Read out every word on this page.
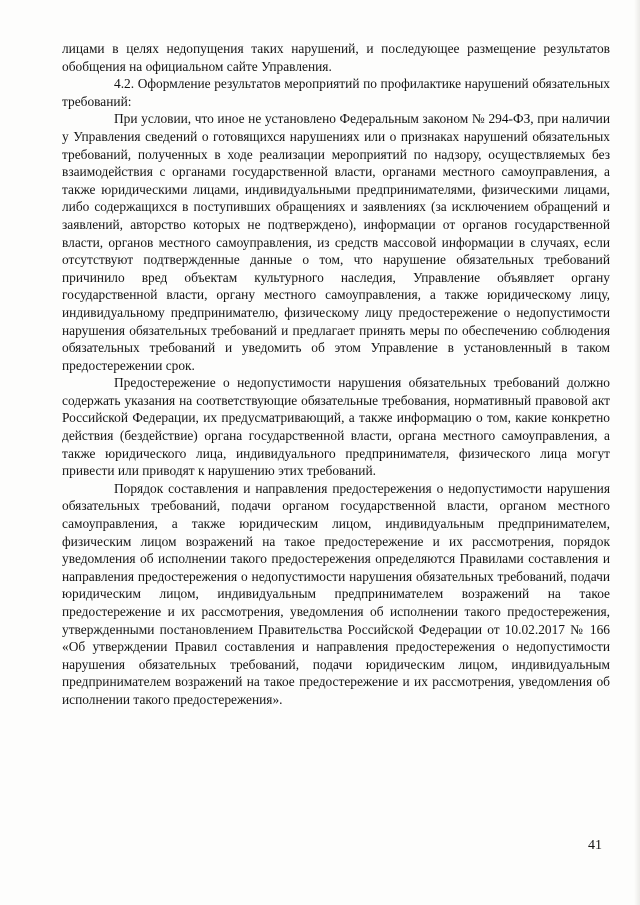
лицами в целях недопущения таких нарушений, и последующее размещение результатов обобщения на официальном сайте Управления.

4.2. Оформление результатов мероприятий по профилактике нарушений обязательных требований:

При условии, что иное не установлено Федеральным законом № 294-ФЗ, при наличии у Управления сведений о готовящихся нарушениях или о признаках нарушений обязательных требований, полученных в ходе реализации мероприятий по надзору, осуществляемых без взаимодействия с органами государственной власти, органами местного самоуправления, а также юридическими лицами, индивидуальными предпринимателями, физическими лицами, либо содержащихся в поступивших обращениях и заявлениях (за исключением обращений и заявлений, авторство которых не подтверждено), информации от органов государственной власти, органов местного самоуправления, из средств массовой информации в случаях, если отсутствуют подтвержденные данные о том, что нарушение обязательных требований причинило вред объектам культурного наследия, Управление объявляет органу государственной власти, органу местного самоуправления, а также юридическому лицу, индивидуальному предпринимателю, физическому лицу предостережение о недопустимости нарушения обязательных требований и предлагает принять меры по обеспечению соблюдения обязательных требований и уведомить об этом Управление в установленный в таком предостережении срок.

Предостережение о недопустимости нарушения обязательных требований должно содержать указания на соответствующие обязательные требования, нормативный правовой акт Российской Федерации, их предусматривающий, а также информацию о том, какие конкретно действия (бездействие) органа государственной власти, органа местного самоуправления, а также юридического лица, индивидуального предпринимателя, физического лица могут привести или приводят к нарушению этих требований.

Порядок составления и направления предостережения о недопустимости нарушения обязательных требований, подачи органом государственной власти, органом местного самоуправления, а также юридическим лицом, индивидуальным предпринимателем, физическим лицом возражений на такое предостережение и их рассмотрения, порядок уведомления об исполнении такого предостережения определяются Правилами составления и направления предостережения о недопустимости нарушения обязательных требований, подачи юридическим лицом, индивидуальным предпринимателем возражений на такое предостережение и их рассмотрения, уведомления об исполнении такого предостережения, утвержденными постановлением Правительства Российской Федерации от 10.02.2017 № 166 «Об утверждении Правил составления и направления предостережения о недопустимости нарушения обязательных требований, подачи юридическим лицом, индивидуальным предпринимателем возражений на такое предостережение и их рассмотрения, уведомления об исполнении такого предостережения».

41
